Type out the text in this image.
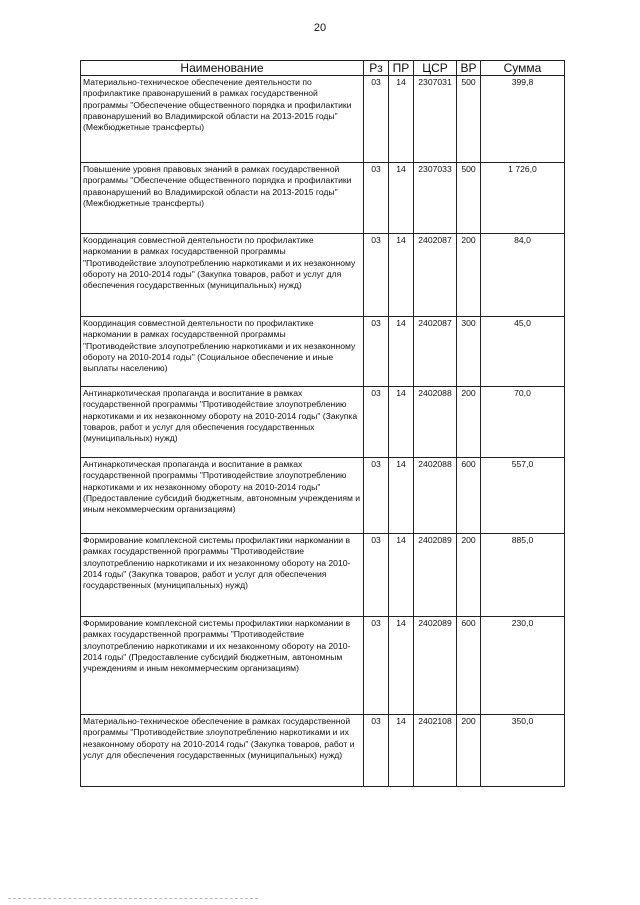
20
Наименование	Рз	ПР	ЦСР	ВР	Сумма
Материально-техническое обеспечение деятельности по профилактике правонарушений в рамках государственной программы "Обеспечение общественного порядка и профилактики правонарушений во Владимирской области на 2013-2015 годы" (Межбюджетные трансферты)	03	14	2307031	500	399,8
Повышение уровня правовых знаний в рамках государственной программы "Обеспечение общественного порядка и профилактики правонарушений во Владимирской области на 2013-2015 годы" (Межбюджетные трансферты)	03	14	2307033	500	1 726,0
Координация совместной деятельности по профилактике наркомании в рамках государственной программы "Противодействие злоупотреблению наркотиками и их незаконному обороту на 2010-2014 годы" (Закупка товаров, работ и услуг для обеспечения государственных (муниципальных) нужд)	03	14	2402087	200	84,0
Координация совместной деятельности по профилактике наркомании в рамках государственной программы "Противодействие злоупотреблению наркотиками и их незаконному обороту на 2010-2014 годы" (Социальное обеспечение и иные выплаты населению)	03	14	2402087	300	45,0
Антинаркотическая пропаганда и воспитание в рамках государственной программы "Противодействие злоупотреблению наркотиками и их незаконному обороту на 2010-2014 годы" (Закупка товаров, работ и услуг для обеспечения государственных (муниципальных) нужд)	03	14	2402088	200	70,0
Антинаркотическая пропаганда и воспитание в рамках государственной программы "Противодействие злоупотреблению наркотиками и их незаконному обороту на 2010-2014 годы" (Предоставление субсидий бюджетным, автономным учреждениям и иным некоммерческим организациям)	03	14	2402088	600	557,0
Формирование комплексной системы профилактики наркомании в рамках государственной программы "Противодействие злоупотреблению наркотиками и их незаконному обороту на 2010-2014 годы" (Закупка товаров, работ и услуг для обеспечения государственных (муниципальных) нужд)	03	14	2402089	200	885,0
Формирование комплексной системы профилактики наркомании в рамках государственной программы "Противодействие злоупотреблению наркотиками и их незаконному обороту на 2010-2014 годы" (Предоставление субсидий бюджетным, автономным учреждениям и иным некоммерческим организациям)	03	14	2402089	600	230,0
Материально-техническое обеспечение в рамках государственной программы "Противодействие злоупотреблению наркотиками и их незаконному обороту на 2010-2014 годы" (Закупка товаров, работ и услуг для обеспечения государственных (муниципальных) нужд)	03	14	2402108	200	350,0
